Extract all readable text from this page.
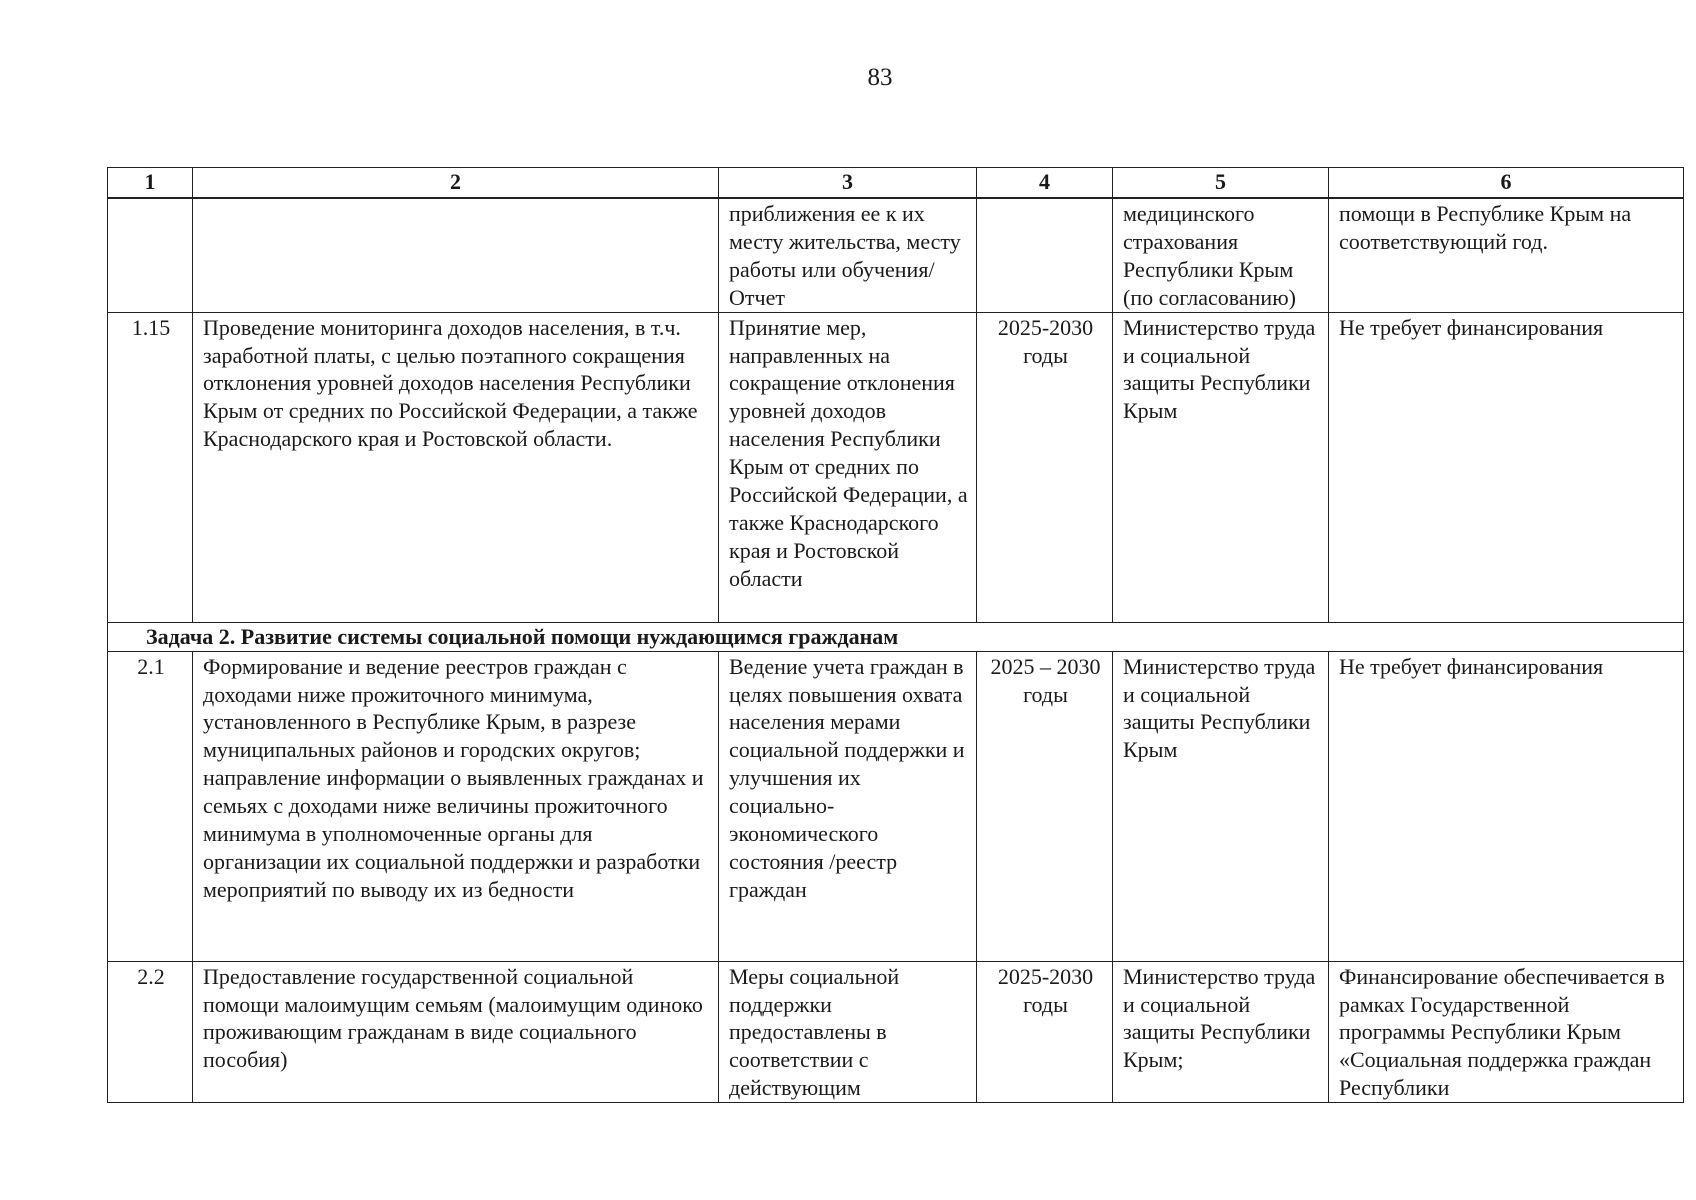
83
1	2	3	4	5	6
		приближения ее к их месту жительства, месту работы или обучения/ Отчет		медицинского страхования Республики Крым (по согласованию)	помощи в Республике Крым на соответствующий год.
1.15	Проведение мониторинга доходов населения, в т.ч. заработной платы, с целью поэтапного сокращения отклонения уровней доходов населения Республики Крым от средних по Российской Федерации, а также Краснодарского края и Ростовской области.	Принятие мер, направленных на сокращение отклонения уровней доходов населения Республики Крым от средних по Российской Федерации, а также Краснодарского края и Ростовской области	2025-2030 годы	Министерство труда и социальной защиты Республики Крым	Не требует финансирования
Задача 2. Развитие системы социальной помощи нуждающимся гражданам					
2.1	Формирование и ведение реестров граждан с доходами ниже прожиточного минимума, установленного в Республике Крым, в разрезе муниципальных районов и городских округов; направление информации о выявленных гражданах и семьях с доходами ниже величины прожиточного минимума в уполномоченные органы для организации их социальной поддержки и разработки мероприятий по выводу их из бедности	Ведение учета граждан в целях повышения охвата населения мерами социальной поддержки и улучшения их социально-экономического состояния /реестр граждан	2025 – 2030 годы	Министерство труда и социальной защиты Республики Крым	Не требует финансирования
2.2	Предоставление государственной социальной помощи малоимущим семьям (малоимущим одиноко проживающим гражданам в виде социального пособия)	Меры социальной поддержки предоставлены в соответствии с действующим	2025-2030 годы	Министерство труда и социальной защиты Республики Крым;	Финансирование обеспечивается в рамках Государственной программы Республики Крым «Социальная поддержка граждан Республики
